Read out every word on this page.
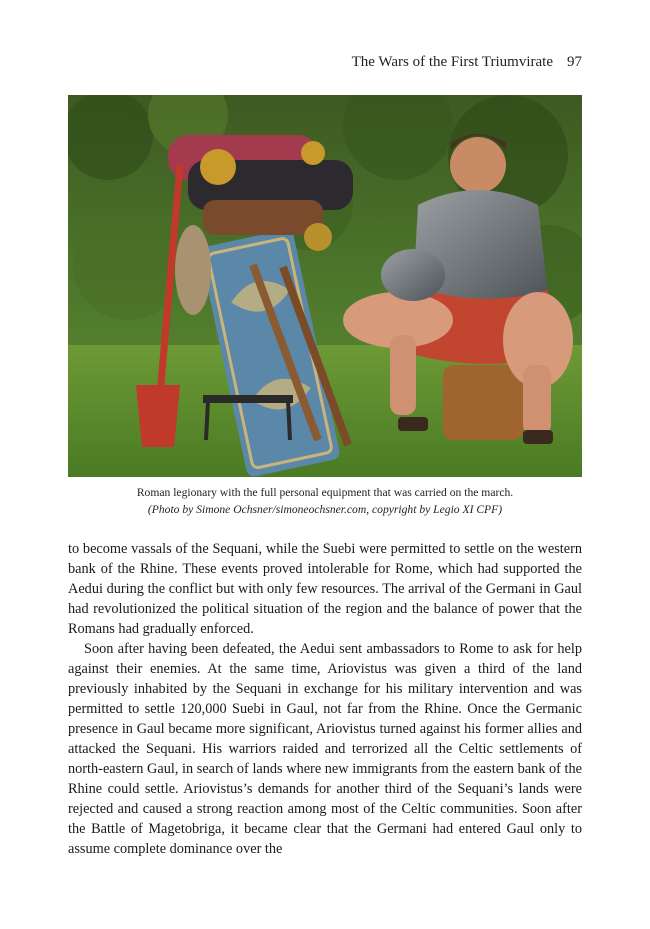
The Wars of the First Triumvirate 97
Roman legionary with the full personal equipment that was carried on the march.
(Photo by Simone Ochsner/simoneochsner.com, copyright by Legio XI CPF)

to become vassals of the Sequani, while the Suebi were permitted to settle on the western bank of the Rhine. These events proved intolerable for Rome, which had supported the Aedui during the conflict but with only few resources. The arrival of the Germani in Gaul had revolutionized the political situation of the region and the balance of power that the Romans had gradually enforced.

Soon after having been defeated, the Aedui sent ambassadors to Rome to ask for help against their enemies. At the same time, Ariovistus was given a third of the land previously inhabited by the Sequani in exchange for his military intervention and was permitted to settle 120,000 Suebi in Gaul, not far from the Rhine. Once the Germanic presence in Gaul became more significant, Ariovistus turned against his former allies and attacked the Sequani. His warriors raided and terrorized all the Celtic settlements of north-eastern Gaul, in search of lands where new immigrants from the eastern bank of the Rhine could settle. Ariovistus’s demands for another third of the Sequani’s lands were rejected and caused a strong reaction among most of the Celtic communities. Soon after the Battle of Magetobriga, it became clear that the Germani had entered Gaul only to assume complete dominance over the
